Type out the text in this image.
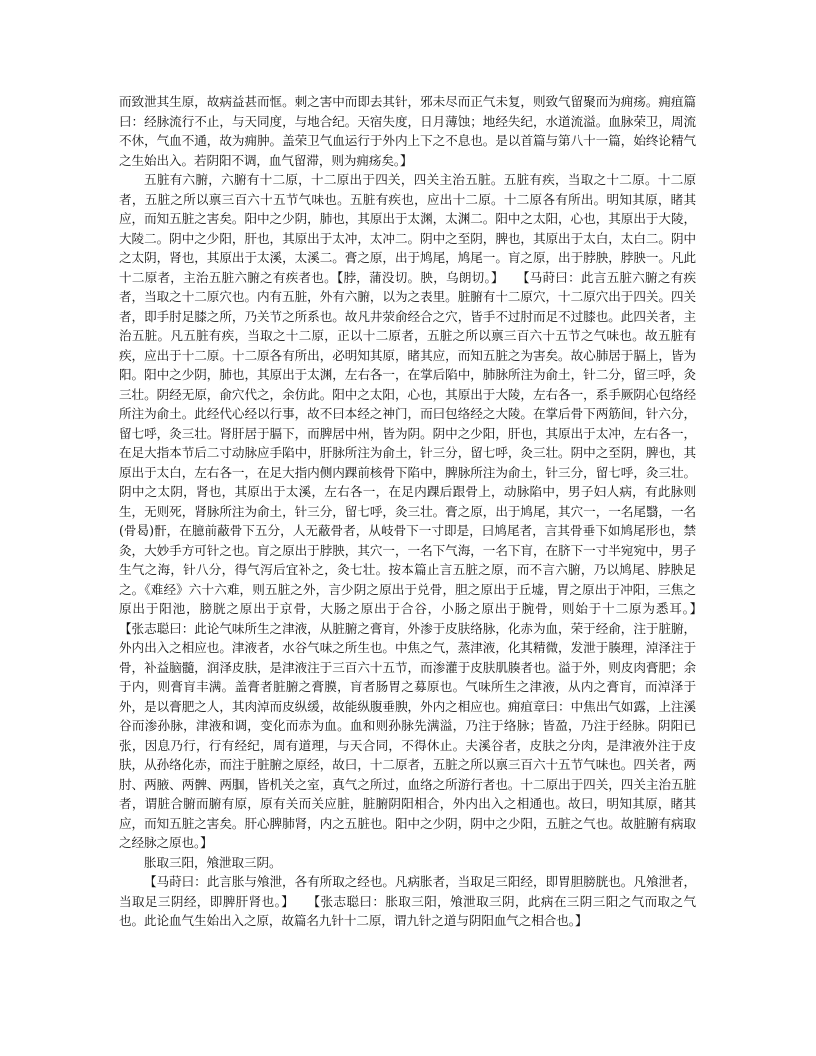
而致泄其生原，故病益甚而恇。刺之害中而即去其针，邪未尽而正气未复，则致气留聚而为痈疡。痈疽篇曰：经脉流行不止，与天同度，与地合纪。天宿失度，日月薄蚀；地经失纪，水道流溢。血脉荣卫，周流不休，气血不通，故为痈肿。盖荣卫气血运行于外内上下之不息也。是以首篇与第八十一篇，始终论精气之生始出入。若阴阳不调，血气留滞，则为痈疡矣。】

五脏有六腑，六腑有十二原，十二原出于四关，四关主治五脏。五脏有疾，当取之十二原。十二原者，五脏之所以禀三百六十五节气味也。五脏有疾也，应出十二原。十二原各有所出。明知其原，睹其应，而知五脏之害矣。阳中之少阴，肺也，其原出于太渊，太渊二。阳中之太阳，心也，其原出于大陵，大陵二。阴中之少阳，肝也，其原出于太冲，太冲二。阴中之至阴，脾也，其原出于太白，太白二。阴中之太阴，肾也，其原出于太溪，太溪二。膏之原，出于鸠尾，鸠尾一。肓之原，出于脖胦，脖胦一。凡此十二原者，主治五脏六腑之有疾者也。【脖，蒲没切。胦，乌朗切。】　　【马莳曰：此言五脏六腑之有疾者，当取之十二原穴也。内有五脏，外有六腑，以为之表里。脏腑有十二原穴，十二原穴出于四关。四关者，即手肘足膝之所，乃关节之所系也。故凡井荥俞经合之穴，皆手不过肘而足不过膝也。此四关者，主治五脏。凡五脏有疾，当取之十二原，正以十二原者，五脏之所以禀三百六十五节之气味也。故五脏有疾，应出于十二原。十二原各有所出，必明知其原，睹其应，而知五脏之为害矣。故心肺居于膈上，皆为阳。阳中之少阴，肺也，其原出于太渊，左右各一，在掌后陷中，肺脉所注为俞土，针二分，留三呼，灸三壮。阴经无原，俞穴代之，余仿此。阳中之太阳，心也，其原出于大陵，左右各一，系手厥阴心包络经所注为俞土。此经代心经以行事，故不曰本经之神门，而曰包络经之大陵。在掌后骨下两筋间，针六分，留七呼，灸三壮。肾肝居于膈下，而脾居中州，皆为阴。阴中之少阳，肝也，其原出于太冲，左右各一，在足大指本节后二寸动脉应手陷中，肝脉所注为俞土，针三分，留七呼，灸三壮。阴中之至阴，脾也，其原出于太白，左右各一，在足大指内侧内踝前核骨下陷中，脾脉所注为俞土，针三分，留七呼，灸三壮。阴中之太阴，肾也，其原出于太溪，左右各一，在足内踝后跟骨上，动脉陷中，男子妇人病，有此脉则生，无则死，肾脉所注为俞土，针三分，留七呼，灸三壮。膏之原，出于鸠尾，其穴一，一名尾翳，一名(骨曷)骭，在臆前蔽骨下五分，人无蔽骨者，从岐骨下一寸即是，曰鸠尾者，言其骨垂下如鸠尾形也，禁灸，大妙手方可针之也。肓之原出于脖胦，其穴一，一名下气海，一名下肓，在脐下一寸半宛宛中，男子生气之海，针八分，得气泻后宜补之，灸七壮。按本篇止言五脏之原，而不言六腑，乃以鸠尾、脖胦足之。《难经》六十六难，则五脏之外，言少阴之原出于兑骨，胆之原出于丘墟，胃之原出于冲阳，三焦之原出于阳池，膀胱之原出于京骨，大肠之原出于合谷，小肠之原出于腕骨，则始于十二原为悉耳。】　　【张志聪曰：此论气味所生之津液，从脏腑之膏肓，外渗于皮肤络脉，化赤为血，荣于经俞，注于脏腑，外内出入之相应也。津液者，水谷气味之所生也。中焦之气，蒸津液，化其精微，发泄于腠理，淖泽注于骨，补益脑髓，润泽皮肤，是津液注于三百六十五节，而渗灌于皮肤肌腠者也。溢于外，则皮肉膏肥；余于内，则膏肓丰满。盖膏者脏腑之膏膜，肓者肠胃之募原也。气味所生之津液，从内之膏肓，而淖泽于外，是以膏肥之人，其肉淖而皮纵缓，故能纵腹垂腴，外内之相应也。痈疽章曰：中焦出气如露，上注溪谷而渗孙脉，津液和调，变化而赤为血。血和则孙脉先满溢，乃注于络脉；皆盈，乃注于经脉。阴阳已张，因息乃行，行有经纪，周有道理，与天合同，不得休止。夫溪谷者，皮肤之分肉，是津液外注于皮肤，从孙络化赤，而注于脏腑之原经，故曰，十二原者，五脏之所以禀三百六十五节气味也。四关者，两肘、两腋、两髀、两腘，皆机关之室，真气之所过，血络之所游行者也。十二原出于四关，四关主治五脏者，谓脏合腑而腑有原，原有关而关应脏，脏腑阴阳相合，外内出入之相通也。故曰，明知其原，睹其应，而知五脏之害矣。肝心脾肺肾，内之五脏也。阳中之少阴，阴中之少阳，五脏之气也。故脏腑有病取之经脉之原也。】

胀取三阳，飧泄取三阴。

【马莳曰：此言胀与飧泄，各有所取之经也。凡病胀者，当取足三阳经，即胃胆膀胱也。凡飧泄者，当取足三阴经，即脾肝肾也。】　　【张志聪曰：胀取三阳，飧泄取三阴，此病在三阴三阳之气而取之气也。此论血气生始出入之原，故篇名九针十二原，谓九针之道与阴阳血气之相合也。】
